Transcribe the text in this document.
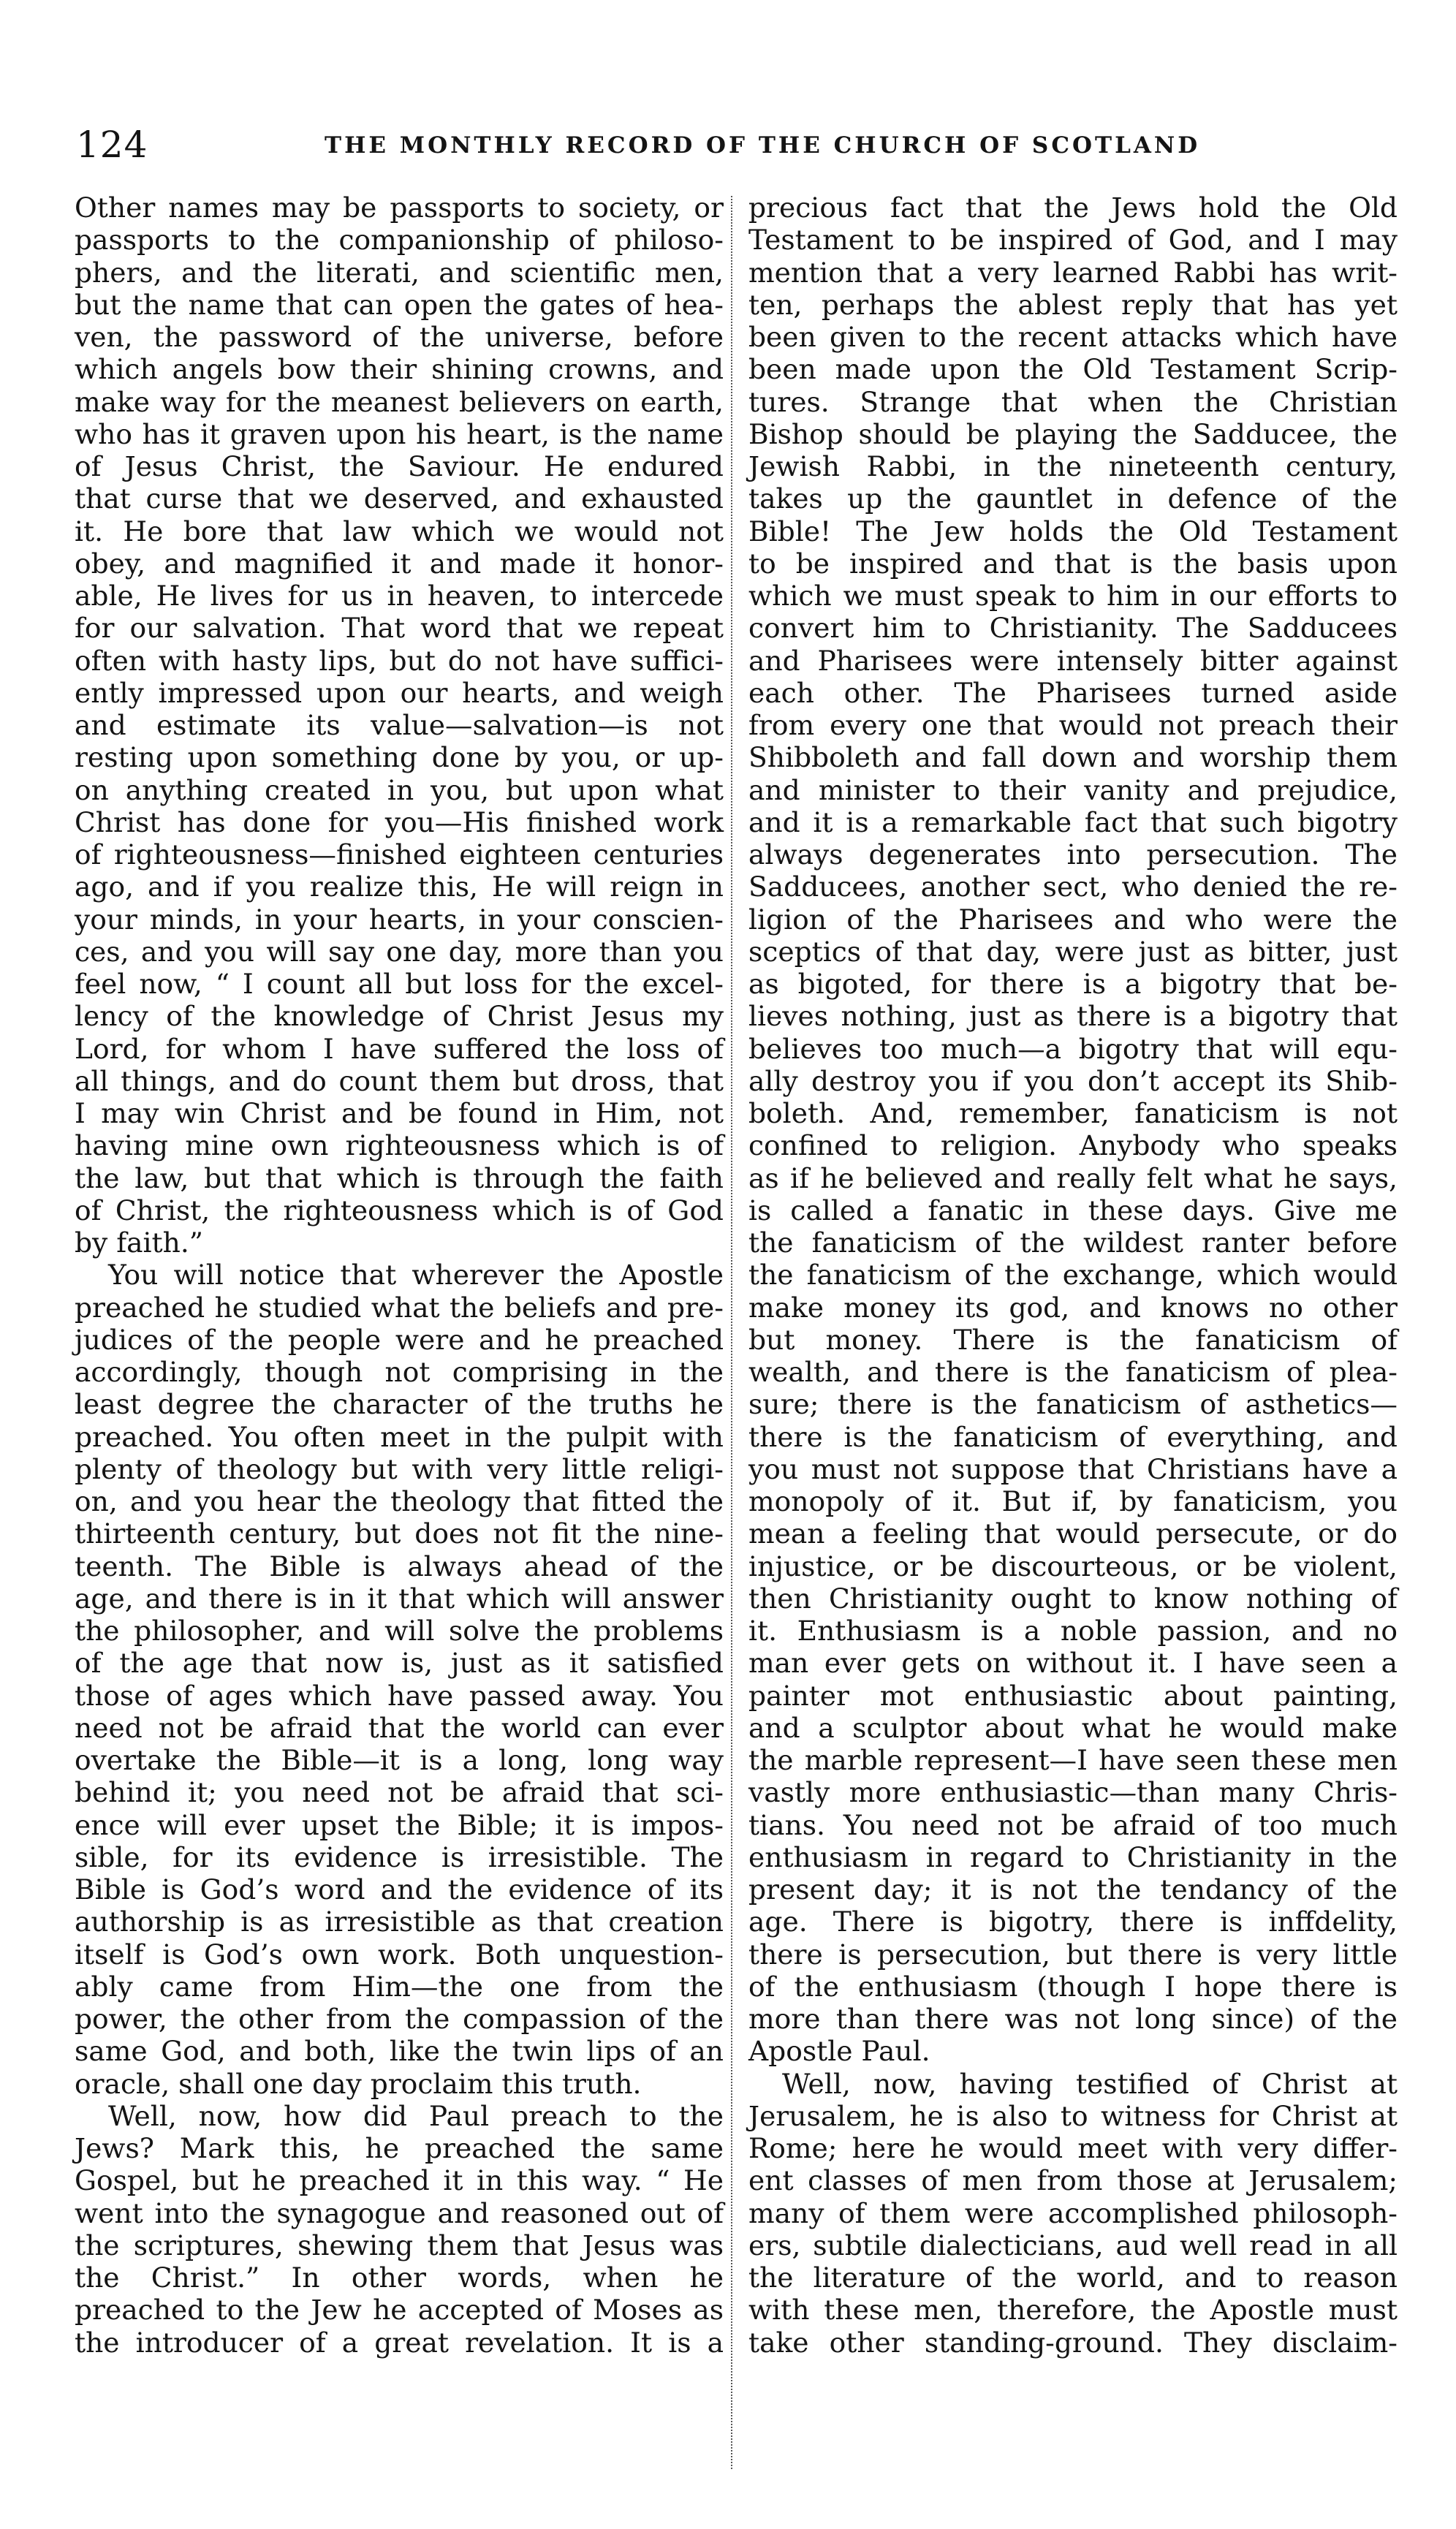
124	THE MONTHLY RECORD OF THE CHURCH OF SCOTLAND
Other names may be passports to society, or
passports to the companionship of philoso-
phers, and the literati, and scientific men,
but the name that can open the gates of hea-
ven, the password of the universe, before
which angels bow their shining crowns, and
make way for the meanest believers on earth,
who has it graven upon his heart, is the name
of Jesus Christ, the Saviour. He endured
that curse that we deserved, and exhausted
it. He bore that law which we would not
obey, and magnified it and made it honor-
able, He lives for us in heaven, to intercede
for our salvation. That word that we repeat
often with hasty lips, but do not have suffici-
ently impressed upon our hearts, and weigh
and estimate its value—salvation—is not
resting upon something done by you, or up-
on anything created in you, but upon what
Christ has done for you—His finished work
of righteousness—finished eighteen centuries
ago, and if you realize this, He will reign in
your minds, in your hearts, in your conscien-
ces, and you will say one day, more than you
feel now, “ I count all but loss for the excel-
lency of the knowledge of Christ Jesus my
Lord, for whom I have suffered the loss of
all things, and do count them but dross, that
I may win Christ and be found in Him, not
having mine own righteousness which is of
the law, but that which is through the faith
of Christ, the righteousness which is of God
by faith.”
You will notice that wherever the Apostle
preached he studied what the beliefs and pre-
judices of the people were and he preached
accordingly, though not comprising in the
least degree the character of the truths he
preached. You often meet in the pulpit with
plenty of theology but with very little religi-
on, and you hear the theology that fitted the
thirteenth century, but does not fit the nine-
teenth. The Bible is always ahead of the
age, and there is in it that which will answer
the philosopher, and will solve the problems
of the age that now is, just as it satisfied
those of ages which have passed away. You
need not be afraid that the world can ever
overtake the Bible—it is a long, long way
behind it; you need not be afraid that sci-
ence will ever upset the Bible; it is impos-
sible, for its evidence is irresistible. The
Bible is God’s word and the evidence of its
authorship is as irresistible as that creation
itself is God’s own work. Both unquestion-
ably came from Him—the one from the
power, the other from the compassion of the
same God, and both, like the twin lips of an
oracle, shall one day proclaim this truth.
Well, now, how did Paul preach to the
Jews? Mark this, he preached the same
Gospel, but he preached it in this way. “ He
went into the synagogue and reasoned out of
the scriptures, shewing them that Jesus was
the Christ.” In other words, when he
preached to the Jew he accepted of Moses as
the introducer of a great revelation. It is a
precious fact that the Jews hold the Old
Testament to be inspired of God, and I may
mention that a very learned Rabbi has writ-
ten, perhaps the ablest reply that has yet
been given to the recent attacks which have
been made upon the Old Testament Scrip-
tures. Strange that when the Christian
Bishop should be playing the Sadducee, the
Jewish Rabbi, in the nineteenth century,
takes up the gauntlet in defence of the
Bible! The Jew holds the Old Testament
to be inspired and that is the basis upon
which we must speak to him in our efforts to
convert him to Christianity. The Sadducees
and Pharisees were intensely bitter against
each other. The Pharisees turned aside
from every one that would not preach their
Shibboleth and fall down and worship them
and minister to their vanity and prejudice,
and it is a remarkable fact that such bigotry
always degenerates into persecution. The
Sadducees, another sect, who denied the re-
ligion of the Pharisees and who were the
sceptics of that day, were just as bitter, just
as bigoted, for there is a bigotry that be-
lieves nothing, just as there is a bigotry that
believes too much—a bigotry that will equ-
ally destroy you if you don’t accept its Shib-
boleth. And, remember, fanaticism is not
confined to religion. Anybody who speaks
as if he believed and really felt what he says,
is called a fanatic in these days. Give me
the fanaticism of the wildest ranter before
the fanaticism of the exchange, which would
make money its god, and knows no other
but money. There is the fanaticism of
wealth, and there is the fanaticism of plea-
sure; there is the fanaticism of asthetics—
there is the fanaticism of everything, and
you must not suppose that Christians have a
monopoly of it. But if, by fanaticism, you
mean a feeling that would persecute, or do
injustice, or be discourteous, or be violent,
then Christianity ought to know nothing of
it. Enthusiasm is a noble passion, and no
man ever gets on without it. I have seen a
painter mot enthusiastic about painting,
and a sculptor about what he would make
the marble represent—I have seen these men
vastly more enthusiastic—than many Chris-
tians. You need not be afraid of too much
enthusiasm in regard to Christianity in the
present day; it is not the tendancy of the
age. There is bigotry, there is inffdelity,
there is persecution, but there is very little
of the enthusiasm (though I hope there is
more than there was not long since) of the
Apostle Paul.
Well, now, having testified of Christ at
Jerusalem, he is also to witness for Christ at
Rome; here he would meet with very differ-
ent classes of men from those at Jerusalem;
many of them were accomplished philosoph-
ers, subtile dialecticians, aud well read in all
the literature of the world, and to reason
with these men, therefore, the Apostle must
take other standing-ground. They disclaim-
